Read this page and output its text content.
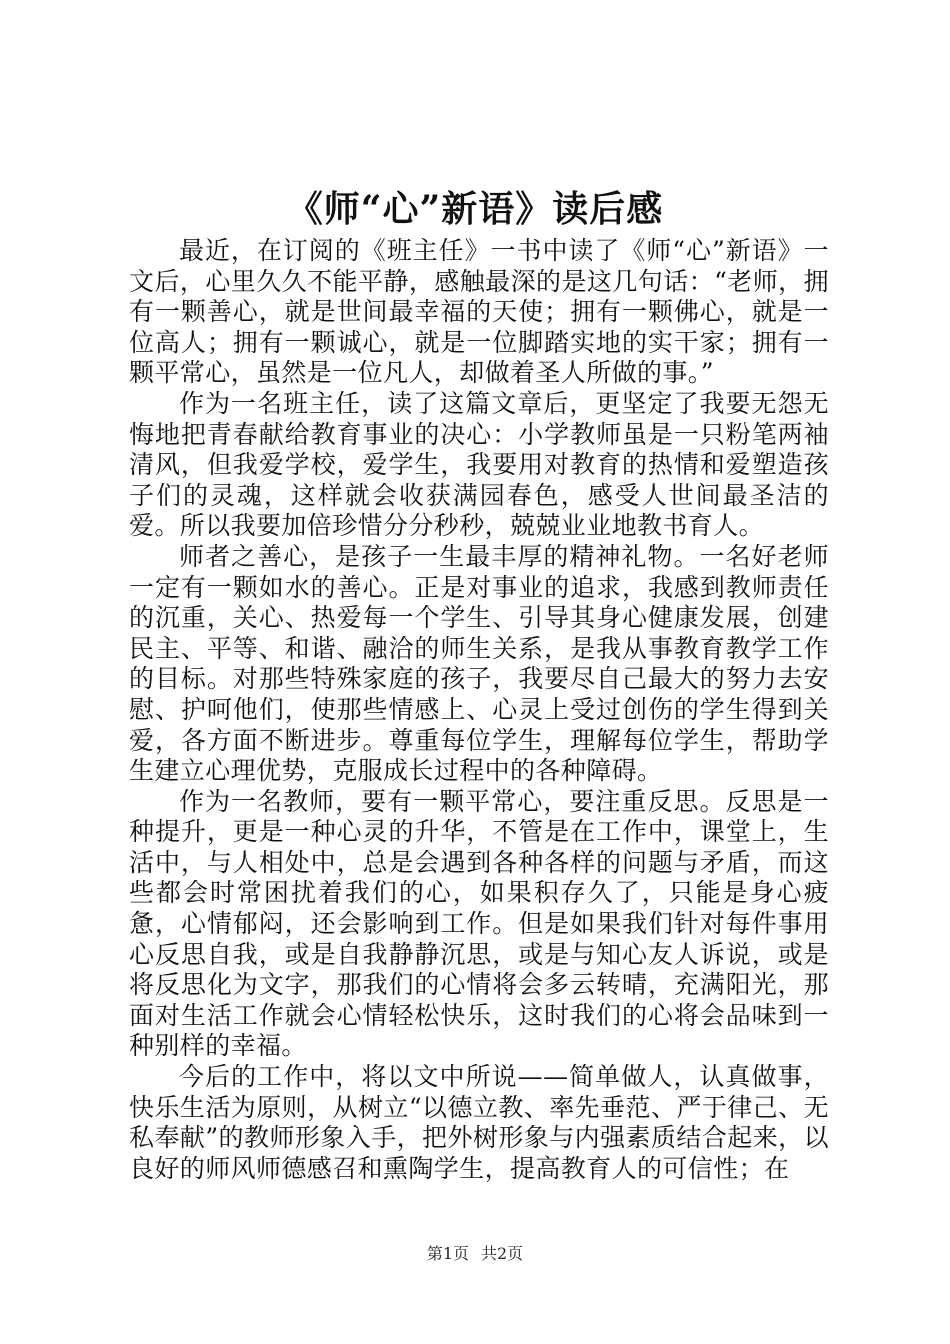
《师“心”新语》读后感

最近，在订阅的《班主任》一书中读了《师“心”新语》一文后，心里久久不能平静，感触最深的是这几句话：“老师，拥有一颗善心，就是世间最幸福的天使；拥有一颗佛心，就是一位高人；拥有一颗诚心，就是一位脚踏实地的实干家；拥有一颗平常心，虽然是一位凡人，却做着圣人所做的事。”

作为一名班主任，读了这篇文章后，更坚定了我要无怨无悔地把青春献给教育事业的决心：小学教师虽是一只粉笔两袖清风，但我爱学校，爱学生，我要用对教育的热情和爱塑造孩子们的灵魂，这样就会收获满园春色，感受人世间最圣洁的爱。所以我要加倍珍惜分分秒秒，兢兢业业地教书育人。

师者之善心，是孩子一生最丰厚的精神礼物。一名好老师一定有一颗如水的善心。正是对事业的追求，我感到教师责任的沉重，关心、热爱每一个学生、引导其身心健康发展，创建民主、平等、和谐、融洽的师生关系，是我从事教育教学工作的目标。对那些特殊家庭的孩子，我要尽自己最大的努力去安慰、护呵他们，使那些情感上、心灵上受过创伤的学生得到关爱，各方面不断进步。尊重每位学生，理解每位学生，帮助学生建立心理优势，克服成长过程中的各种障碍。

作为一名教师，要有一颗平常心，要注重反思。反思是一种提升，更是一种心灵的升华，不管是在工作中，课堂上，生活中，与人相处中，总是会遇到各种各样的问题与矛盾，而这些都会时常困扰着我们的心，如果积存久了，只能是身心疲惫，心情郁闷，还会影响到工作。但是如果我们针对每件事用心反思自我，或是自我静静沉思，或是与知心友人诉说，或是将反思化为文字，那我们的心情将会多云转晴，充满阳光，那面对生活工作就会心情轻松快乐，这时我们的心将会品味到一种别样的幸福。

今后的工作中，将以文中所说——简单做人，认真做事，快乐生活为原则，从树立“以德立教、率先垂范、严于律己、无私奉献”的教师形象入手，把外树形象与内强素质结合起来，以良好的师风师德感召和熏陶学生，提高教育人的可信性；在

第1页 共2页
